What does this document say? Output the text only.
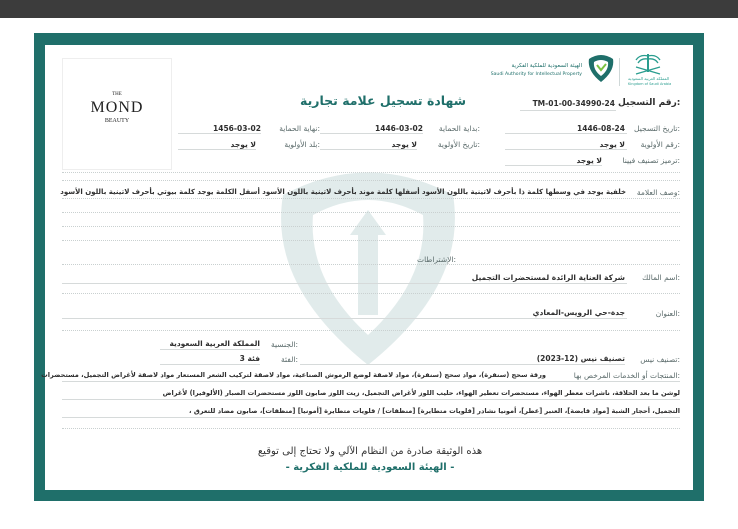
THE
MOND
BEAUTY
المملكة العربية السعودية
Kingdom of Saudi Arabia
الهيئة السعودية للملكية الفكرية
Saudi Authority for Intellectual Property
شهادة تسجيل علامة تجارية	رقم التسجيل:
TM-01-00-34990-24
تاريخ التسجيل:
1446-08-24
بداية الحماية:
1446-03-02
نهاية الحماية:
1456-03-02
رقم الأولوية:
لا يوجد
تاريخ الأولوية:
لا يوجد
بلد الأولوية:
لا يوجد
ترميز تصنيف فيينا:
لا يوجد
وصف العلامة:
خلفية يوجد في وسطها كلمة ذا بأحرف لاتينية باللون الأسود أسفلها كلمة موند بأحرف لاتينية باللون الأسود أسفل الكلمة يوجد كلمة بيوتي بأحرف لاتينية باللون الأسود
الإشتراطات:
اسم المالك:
شركة العناية الرائدة لمستحضرات التجميل
العنوان:
جدة-حي الرويس-المعادي
الجنسية:
المملكة العربية السعودية
الفئة:
فئة 3	تصنيف نيس:
تصنيف نيس (12-2023)
المنتجات أو الخدمات المرخص بها:
ورقة سحج (سنفرة)، مواد سحج (سنفرة)، مواد لاصقة لوضع الرموش الصناعية، مواد لاصقة لتركيب الشعر المستعار مواد لاصقة لأغراض التجميل، مستحضرات
لوشن ما بعد الحلاقة، ناشرات معطر الهواء، مستحضرات تعطير الهواء، حليب اللوز لأغراض التجميل، زيت اللوز صابون اللوز مستحضرات الصبار (الألوفيرا) لأغراض
التجميل، أحجار الشبة [مواد قابضة]، العنبر [عطر]، أمونيا نشادر [قلويات متطايرة] [منظفات] / قلويات متطايرة [أمونيا] [منظفات]، صابون مضاد للتعرق ،
هذه الوثيقة صادرة من النظام الآلي ولا تحتاج إلى توقيع
- الهيئة السعودية للملكية الفكرية -
